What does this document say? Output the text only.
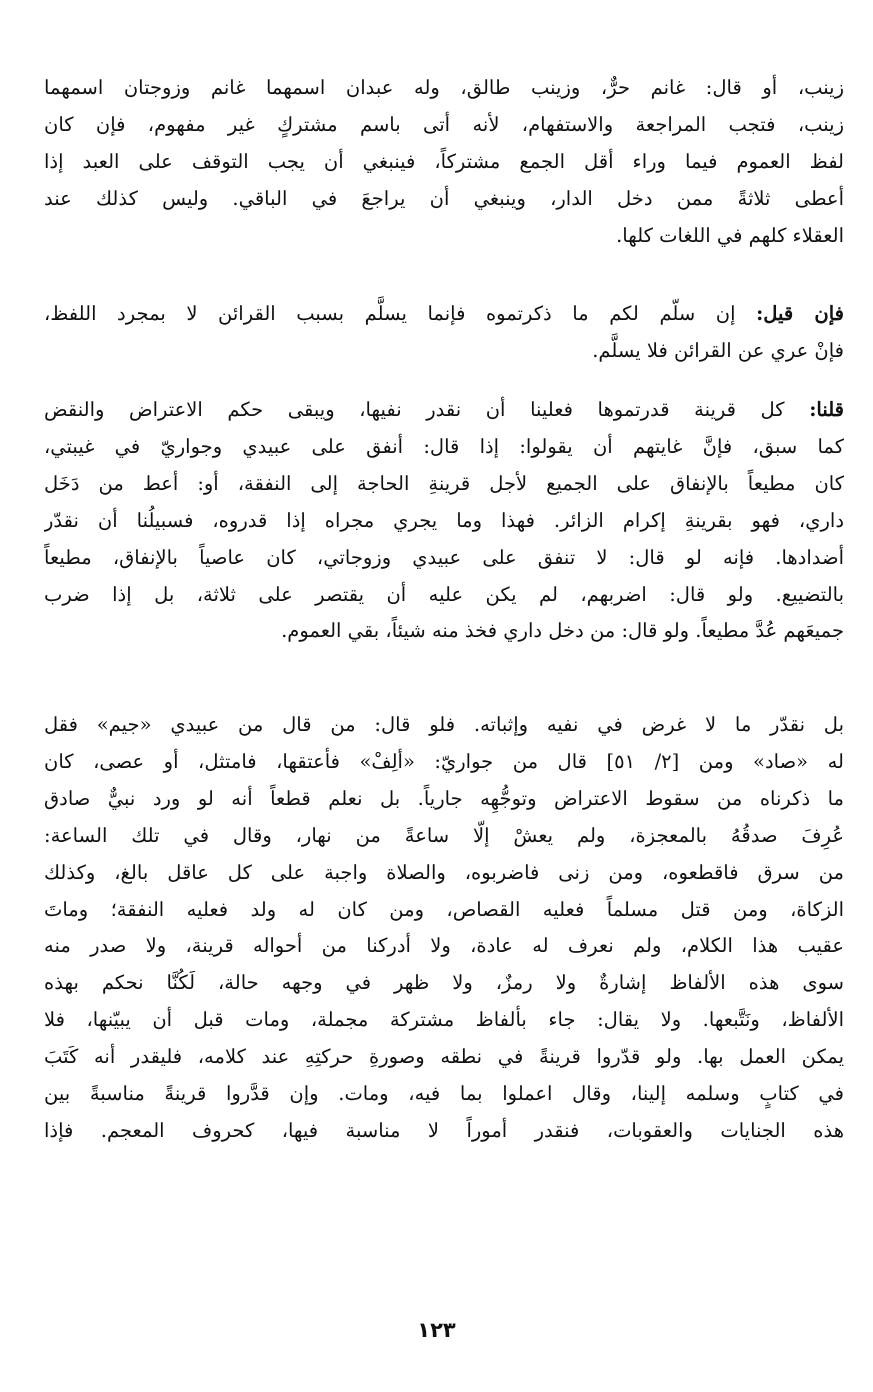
زينب، أو قال: غانم حرٌّ، وزينب طالق، وله عبدان اسمهما غانم وزوجتان اسمهما
زينب، فتجب المراجعة والاستفهام، لأنه أتى باسم مشتركٍ غير مفهوم، فإن كان
لفظ العموم فيما وراء أقل الجمع مشتركاً، فينبغي أن يجب التوقف على العبد إذا
أعطى ثلاثةً ممن دخل الدار، وينبغي أن يراجعَ في الباقي. وليس كذلك عند
العقلاء كلهم في اللغات كلها.

فإن قيل: إن سلّم لكم ما ذكرتموه فإنما يسلَّم بسبب القرائن لا بمجرد اللفظ،
فإنْ عري عن القرائن فلا يسلَّم.

قلنا: كل قرينة قدرتموها فعلينا أن نقدر نفيها، ويبقى حكم الاعتراض والنقض
كما سبق، فإنَّ غايتهم أن يقولوا: إذا قال: أنفق على عبيدي وجواريّ في غيبتي،
كان مطيعاً بالإنفاق على الجميع لأجل قرينةِ الحاجة إلى النفقة، أو: أعط من دَخَل
داري، فهو بقرينةِ إكرام الزائر. فهذا وما يجري مجراه إذا قدروه، فسبيلُنا أن نقدّر
أضدادها. فإنه لو قال: لا تنفق على عبيدي وزوجاتي، كان عاصياً بالإنفاق، مطيعاً
بالتضييع. ولو قال: اضربهم، لم يكن عليه أن يقتصر على ثلاثة، بل إذا ضرب
جميعَهم عُدَّ مطيعاً. ولو قال: من دخل داري فخذ منه شيئاً، بقي العموم.

بل نقدّر ما لا غرض في نفيه وإثباته. فلو قال: من قال من عبيدي «جيم» فقل
له «صاد» ومن [٢/ ٥١] قال من جواريّ: «ألِفْ» فأعتقها، فامتثل، أو عصى، كان
ما ذكرناه من سقوط الاعتراض وتوجُّهِه جارياً. بل نعلم قطعاً أنه لو ورد نبيٌّ صادق
عُرِفَ صدقُهُ بالمعجزة، ولم يعشْ إلّا ساعةً من نهار، وقال في تلك الساعة:
من سرق فاقطعوه، ومن زنى فاضربوه، والصلاة واجبة على كل عاقل بالغ، وكذلك
الزكاة، ومن قتل مسلماً فعليه القصاص، ومن كان له ولد فعليه النفقة؛ وماتَ
عقيب هذا الكلام، ولم نعرف له عادة، ولا أدركنا من أحواله قرينة، ولا صدر منه
سوى هذه الألفاظ إشارةٌ ولا رمزٌ، ولا ظهر في وجهه حالة، لَكُنَّا نحكم بهذه
الألفاظ، ونَتَّبعها. ولا يقال: جاء بألفاظ مشتركة مجملة، ومات قبل أن يبيّنها، فلا
يمكن العمل بها. ولو قدّروا قرينةً في نطقه وصورةِ حركتِهِ عند كلامه، فليقدر أنه كَتَبَ
في كتابٍ وسلمه إلينا، وقال اعملوا بما فيه، ومات. وإن قدَّروا قرينةً مناسبةً بين
هذه الجنايات والعقوبات، فنقدر أموراً لا مناسبة فيها، كحروف المعجم. فإذا

١٢٣
